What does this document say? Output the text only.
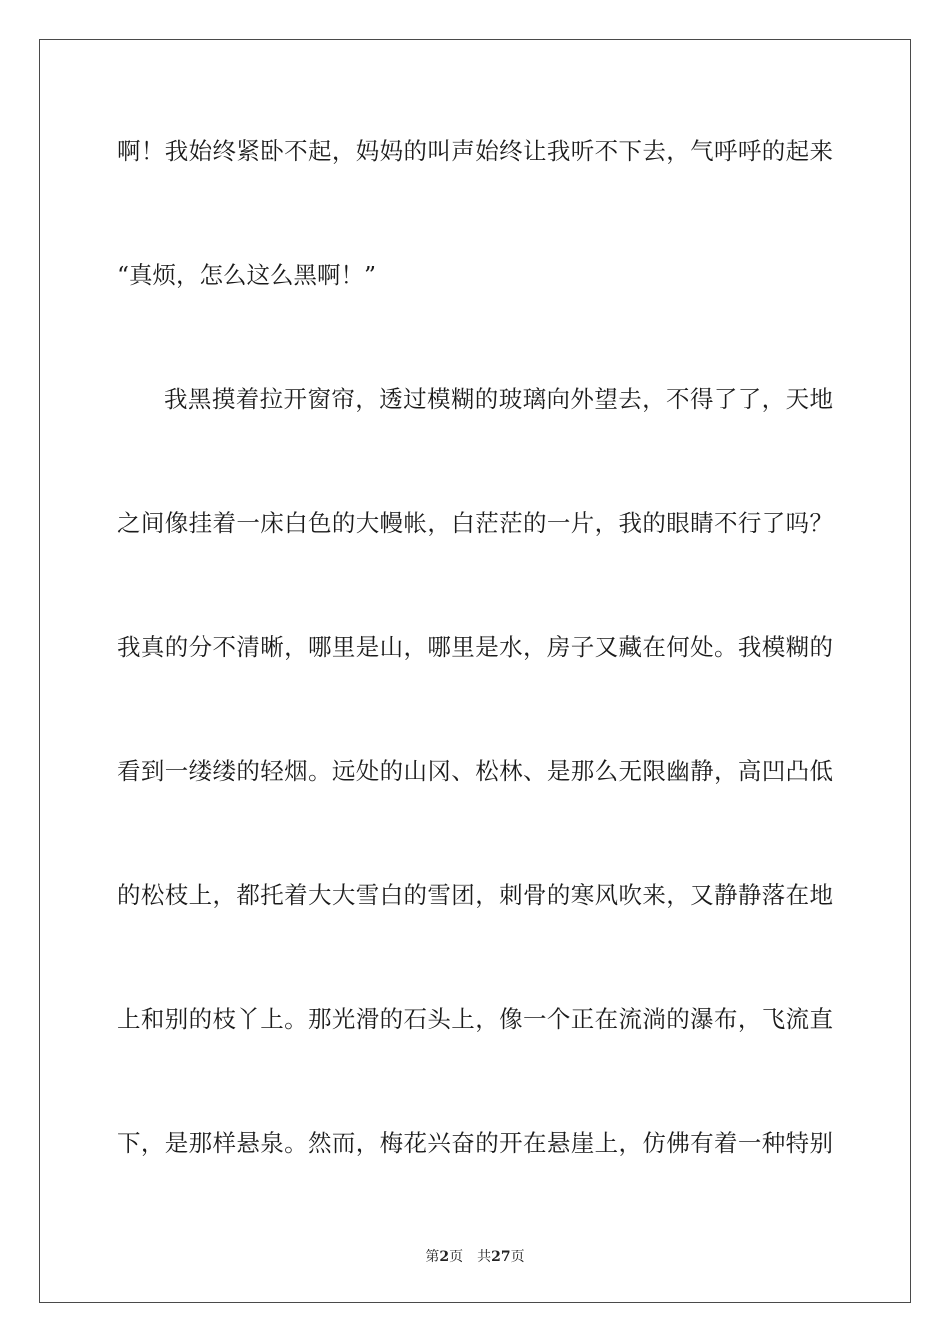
啊！我始终紧卧不起，妈妈的叫声始终让我听不下去，气呼呼的起来
“真烦，怎么这么黑啊！”
我黑摸着拉开窗帘，透过模糊的玻璃向外望去，不得了了，天地
之间像挂着一床白色的大幔帐，白茫茫的一片，我的眼睛不行了吗？
我真的分不清晰，哪里是山，哪里是水，房子又藏在何处。我模糊的
看到一缕缕的轻烟。远处的山冈、松林、是那么无限幽静，高凹凸低
的松枝上，都托着大大雪白的雪团，刺骨的寒风吹来，又静静落在地
上和别的枝丫上。那光滑的石头上，像一个正在流淌的瀑布，飞流直
下，是那样悬泉。然而，梅花兴奋的开在悬崖上，仿佛有着一种特别
第2页 共27页
